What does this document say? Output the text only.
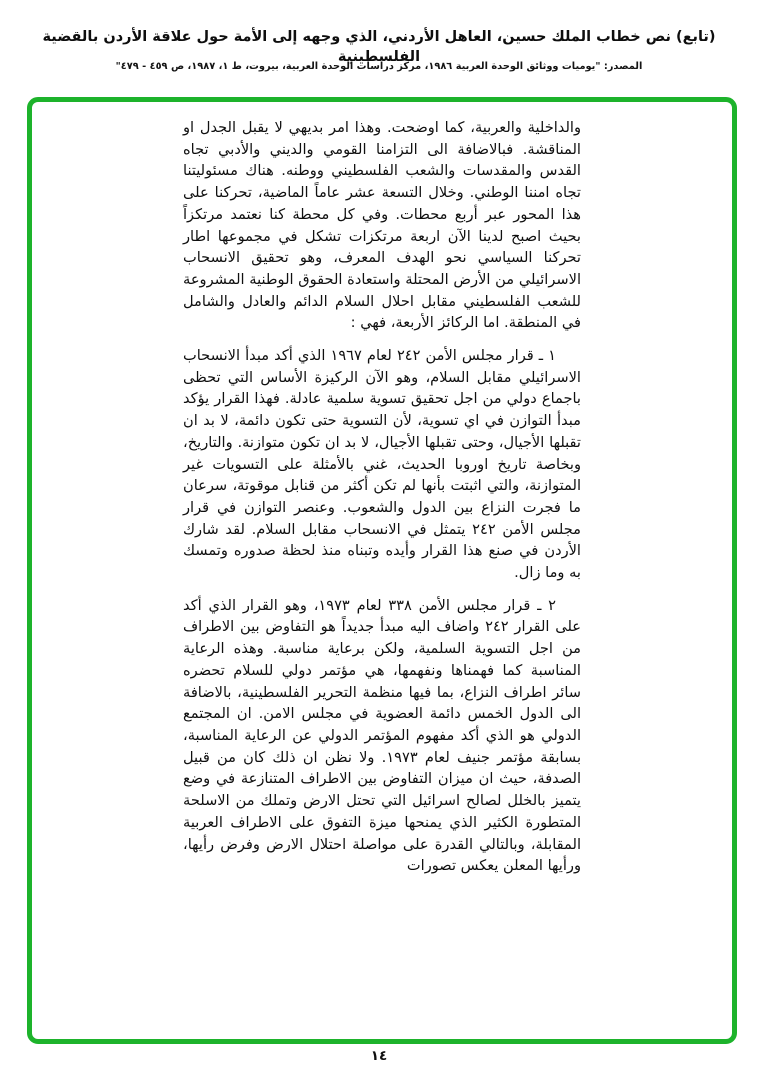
(تابع) نص خطاب الملك حسين، العاهل الأردني، الذي وجهه إلى الأمة حول علاقة الأردن بالقضية الفلسطينية
المصدر: "يوميات ووثائق الوحدة العربية ١٩٨٦، مركز دراسات الوحدة العربية، بيروت، ط ١، ١٩٨٧، ص ٤٥٩ - ٤٧٩"

والداخلية والعربية، كما اوضحت. وهذا امر بديهي لا يقبل الجدل او المناقشة. فبالاضافة الى التزامنا القومي والديني والأدبي تجاه القدس والمقدسات والشعب الفلسطيني ووطنه. هناك مسئوليتنا تجاه امننا الوطني. وخلال التسعة عشر عاماً الماضية، تحركنا على هذا المحور عبر أربع محطات. وفي كل محطة كنا نعتمد مرتكزاً بحيث اصبح لدينا الآن اربعة مرتكزات تشكل في مجموعها اطار تحركنا السياسي نحو الهدف المعرف، وهو تحقيق الانسحاب الاسرائيلي من الأرض المحتلة واستعادة الحقوق الوطنية المشروعة للشعب الفلسطيني مقابل احلال السلام الدائم والعادل والشامل في المنطقة. اما الركائز الأربعة، فهي :

١ ـ قرار مجلس الأمن ٢٤٢ لعام ١٩٦٧ الذي أكد مبدأ الانسحاب الاسرائيلي مقابل السلام، وهو الآن الركيزة الأساس التي تحظى باجماع دولي من اجل تحقيق تسوية سلمية عادلة. فهذا القرار يؤكد مبدأ التوازن في اي تسوية، لأن التسوية حتى تكون دائمة، لا بد ان تقبلها الأجيال، وحتى تقبلها الأجيال، لا بد ان تكون متوازنة. والتاريخ، وبخاصة تاريخ اوروبا الحديث، غني بالأمثلة على التسويات غير المتوازنة، والتي اثبتت بأنها لم تكن أكثر من قنابل موقوتة، سرعان ما فجرت النزاع بين الدول والشعوب. وعنصر التوازن في قرار مجلس الأمن ٢٤٢ يتمثل في الانسحاب مقابل السلام. لقد شارك الأردن في صنع هذا القرار وأيده وتبناه منذ لحظة صدوره وتمسك به وما زال.

٢ ـ قرار مجلس الأمن ٣٣٨ لعام ١٩٧٣، وهو القرار الذي أكد على القرار ٢٤٢ واضاف اليه مبدأ جديداً هو التفاوض بين الاطراف من اجل التسوية السلمية، ولكن برعاية مناسبة. وهذه الرعاية المناسبة كما فهمناها ونفهمها، هي مؤتمر دولي للسلام تحضره سائر اطراف النزاع، بما فيها منظمة التحرير الفلسطينية، بالاضافة الى الدول الخمس دائمة العضوية في مجلس الامن. ان المجتمع الدولي هو الذي أكد مفهوم المؤتمر الدولي عن الرعاية المناسبة، بسابقة مؤتمر جنيف لعام ١٩٧٣. ولا نظن ان ذلك كان من قبيل الصدفة، حيث ان ميزان التفاوض بين الاطراف المتنازعة في وضع يتميز بالخلل لصالح اسرائيل التي تحتل الارض وتملك من الاسلحة المتطورة الكثير الذي يمنحها ميزة التفوق على الاطراف العربية المقابلة، وبالتالي القدرة على مواصلة احتلال الارض وفرض رأيها، ورأيها المعلن يعكس تصورات

١٤
